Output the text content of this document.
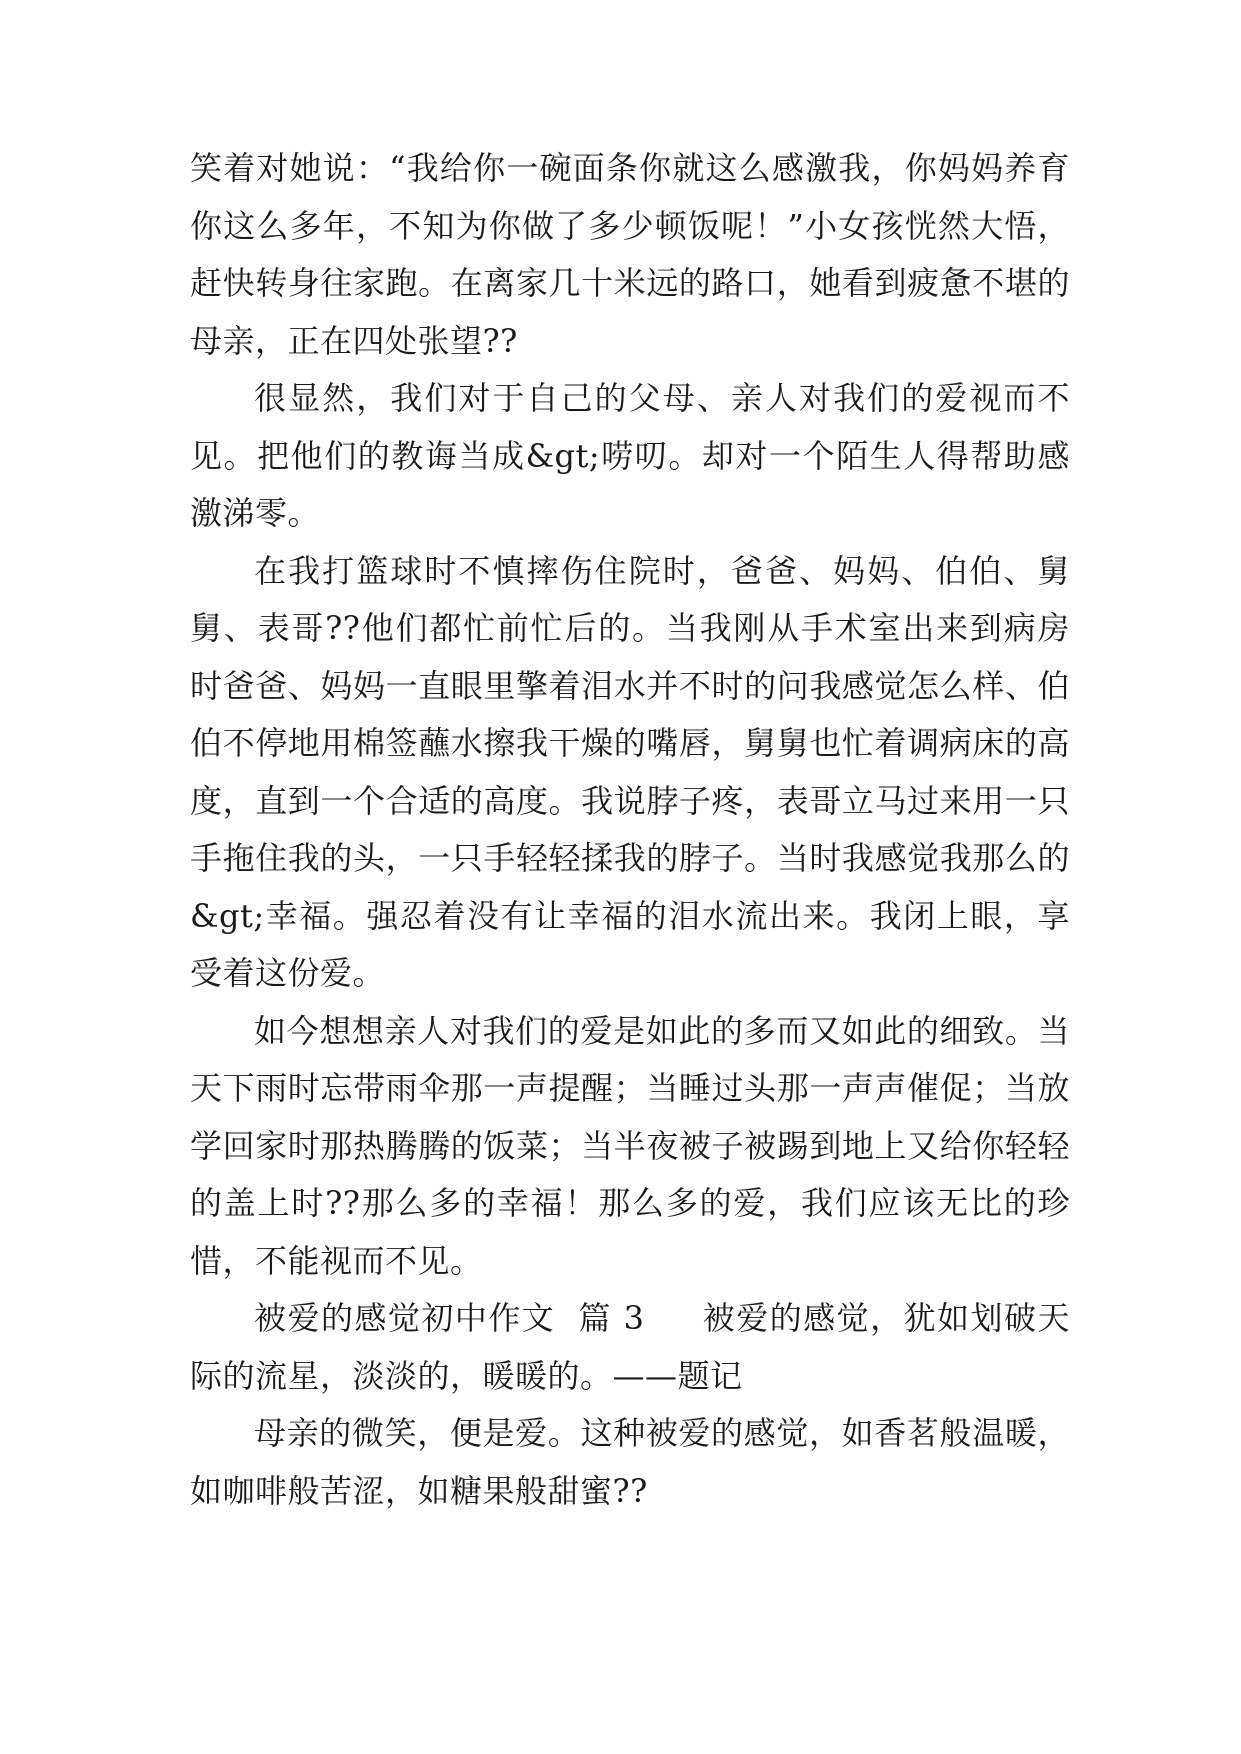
笑着对她说：“我给你一碗面条你就这么感激我，你妈妈养育你这么多年，不知为你做了多少顿饭呢！”小女孩恍然大悟，赶快转身往家跑。在离家几十米远的路口，她看到疲惫不堪的母亲，正在四处张望??

很显然，我们对于自己的父母、亲人对我们的爱视而不见。把他们的教诲当成&gt;唠叨。却对一个陌生人得帮助感激涕零。

在我打篮球时不慎摔伤住院时，爸爸、妈妈、伯伯、舅舅、表哥??他们都忙前忙后的。当我刚从手术室出来到病房时爸爸、妈妈一直眼里擎着泪水并不时的问我感觉怎么样、伯伯不停地用棉签蘸水擦我干燥的嘴唇，舅舅也忙着调病床的高度，直到一个合适的高度。我说脖子疼，表哥立马过来用一只手拖住我的头，一只手轻轻揉我的脖子。当时我感觉我那么的&gt;幸福。强忍着没有让幸福的泪水流出来。我闭上眼，享受着这份爱。

如今想想亲人对我们的爱是如此的多而又如此的细致。当天下雨时忘带雨伞那一声提醒；当睡过头那一声声催促；当放学回家时那热腾腾的饭菜；当半夜被子被踢到地上又给你轻轻的盖上时??那么多的幸福！那么多的爱，我们应该无比的珍惜，不能视而不见。

被爱的感觉初中作文  篇 3     被爱的感觉，犹如划破天际的流星，淡淡的，暖暖的。——题记

母亲的微笑，便是爱。这种被爱的感觉，如香茗般温暖，如咖啡般苦涩，如糖果般甜蜜??
